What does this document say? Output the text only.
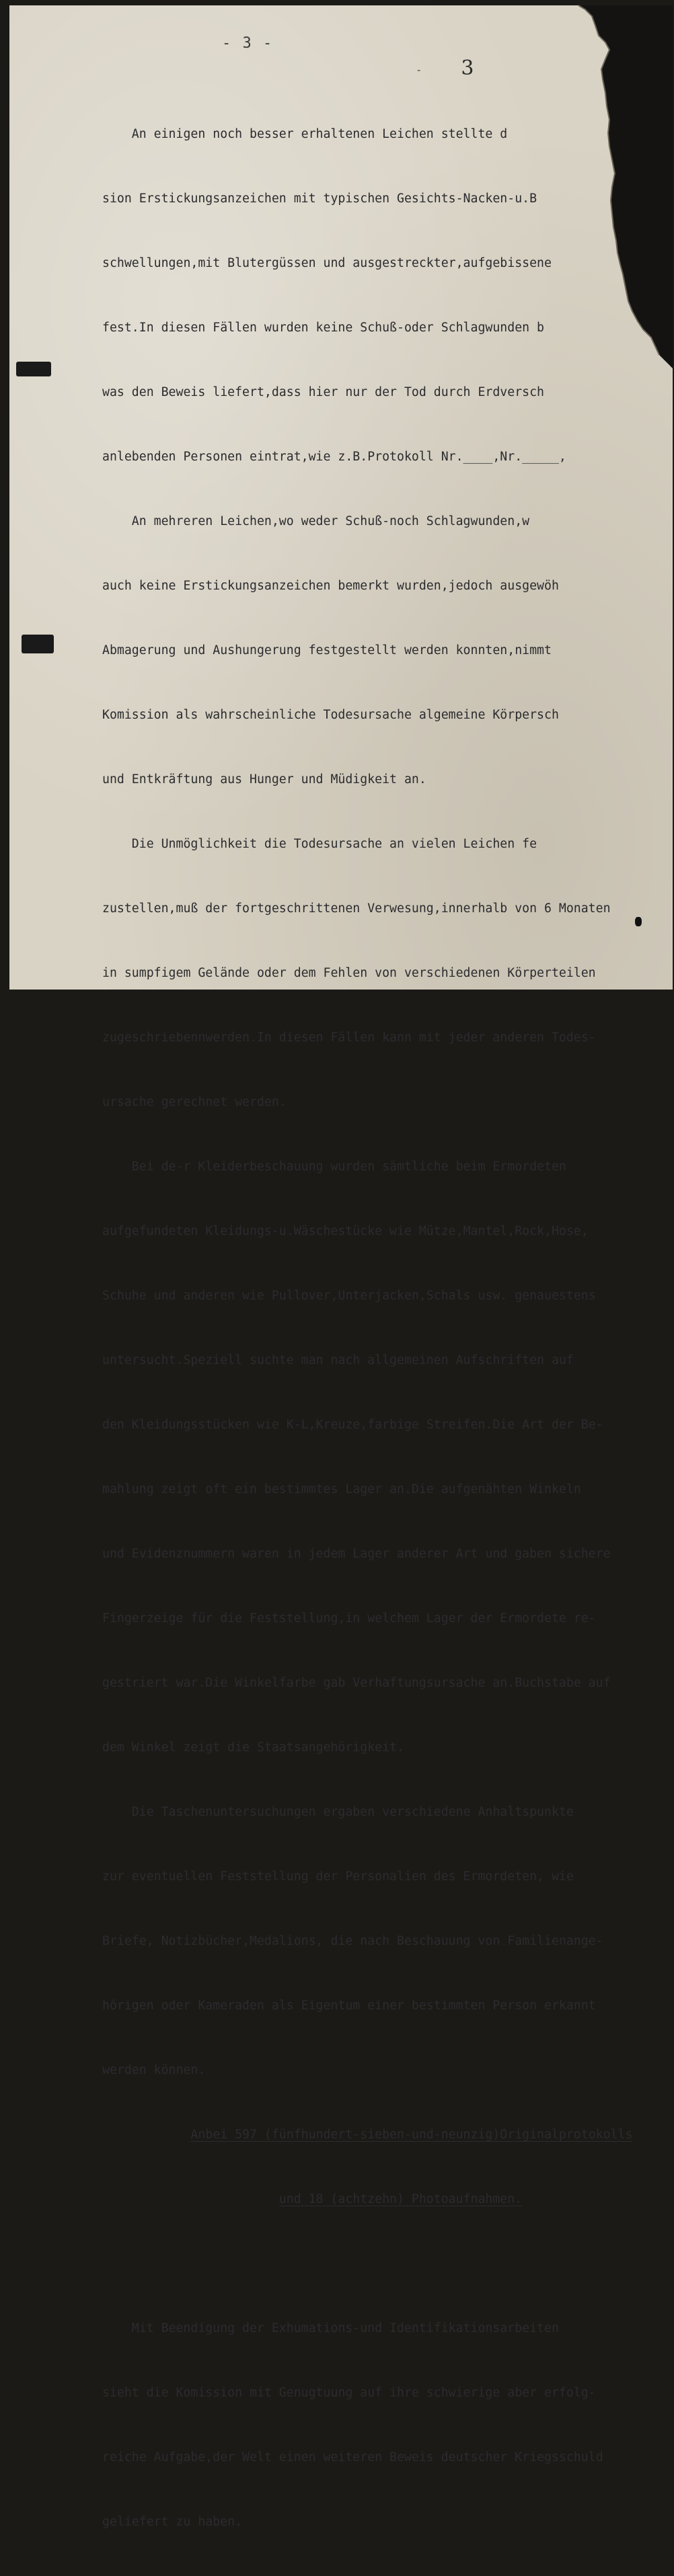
- 3 -
- 3

An einigen noch besser erhaltenen Leichen stellte d

sion Erstickungsanzeichen mit typischen Gesichts-Nacken-u.B

schwellungen,mit Blutergüssen und ausgestreckter,aufgebissene

fest.In diesen Fällen wurden keine Schuß-oder Schlagwunden b

was den Beweis liefert,dass hier nur der Tod durch Erdversch

anlebenden Personen eintrat,wie z.B.Protokoll Nr.____,Nr._____,

An mehreren Leichen,wo weder Schuß-noch Schlagwunden,w

auch keine Erstickungsanzeichen bemerkt wurden,jedoch ausgewöh

Abmagerung und Aushungerung festgestellt werden konnten,nimmt

Komission als wahrscheinliche Todesursache algemeine Körpersch

und Entkräftung aus Hunger und Müdigkeit an.

Die Unmöglichkeit die Todesursache an vielen Leichen fe

zustellen,muß der fortgeschrittenen Verwesung,innerhalb von 6 Monaten

in sumpfigem Gelände oder dem Fehlen von verschiedenen Körperteilen

zugeschriebennwerden.In diesen Fällen kann mit jeder anderen Todes-

ursache gerechnet werden.

Bei de-r Kleiderbeschauung wurden sämtliche beim Ermordeten

aufgefundeten Kleidungs-u.Wäschestücke wie Mütze,Mantel,Rock,Hose,

Schuhe und anderen wie Pullover,Unterjacken,Schals usw. genauestens

untersucht.Speziell suchte man nach allgemeinen Aufschriften auf

den Kleidungsstücken wie K-L,Kreuze,farbige Streifen.Die Art der Be-

mahlung zeigt oft ein bestimmtes Lager an.Die aufgenähten Winkeln

und Evidenznummern waren in jedem Lager anderer Art und gaben sichere

Fingerzeige für die Feststellung,in welchem Lager der Ermordete re-

gestriert war.Die Winkelfarbe gab Verhaftungsursache an.Buchstabe auf

dem Winkel zeigt die Staatsangehörigkeit.

Die Taschenuntersuchungen ergaben verschiedene Anhaltspunkte

zur eventuellen Feststellung der Personalien des Ermordeten, wie

Briefe, Notizbücher,Medalions, die nach Beschauung von Familienange-

hörigen oder Kameraden als Eigentum einer bestimmten Person erkannt

werden können.

Anbei 597 (fünfhundert-sieben-und-neunzig)Originalprotokolls

und 18 (achtzehn) Photoaufnahmen.

Mit Beendigung der Exhumations-und Identifikationsarbeiten

sieht die Komission mit Genugtuung auf ihre schwierige aber erfolg-

reiche Aufgabe,der Welt einen weiteren Beweis deutscher Kriegsschuld

geliefert zu haben.
